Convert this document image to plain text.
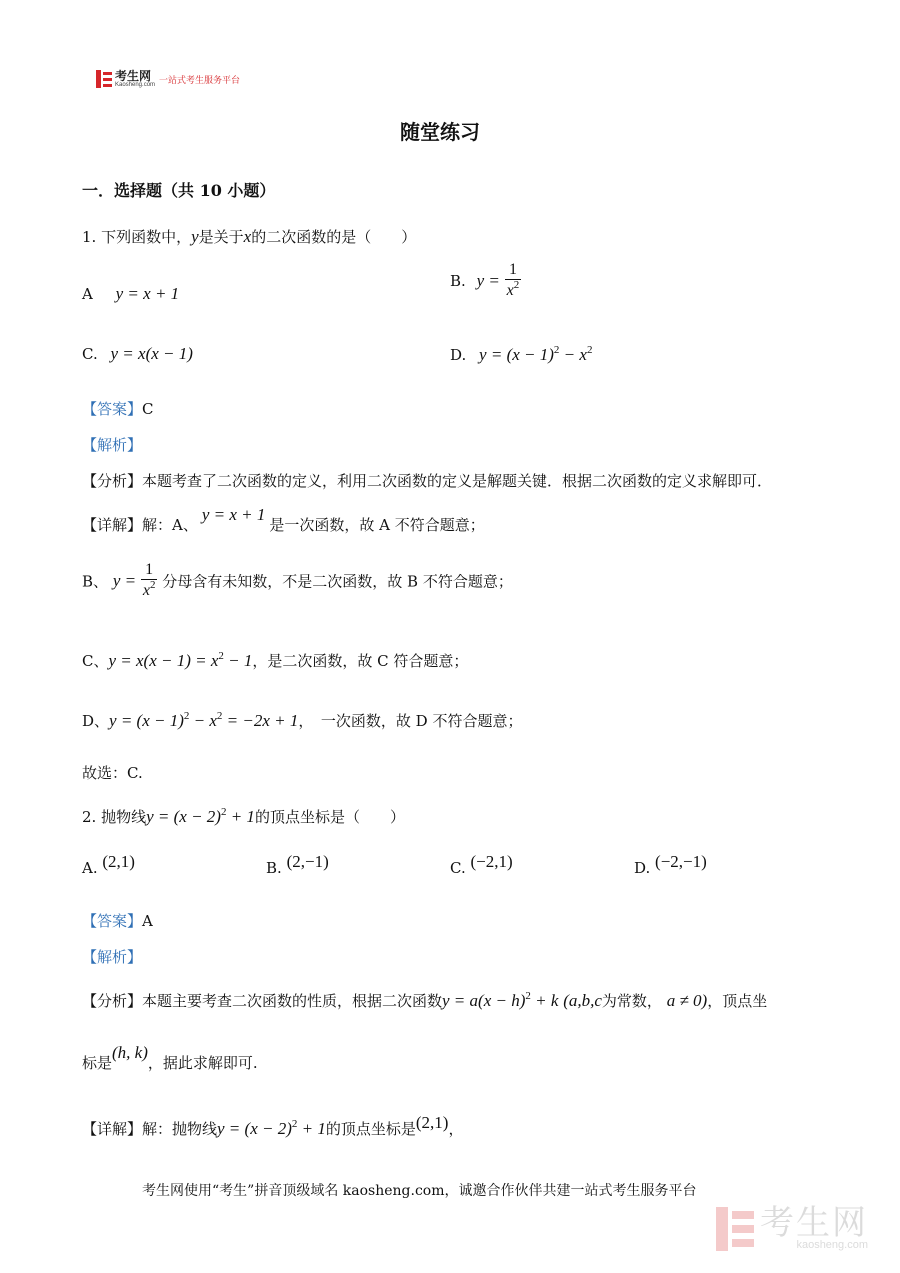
考生网
Kaosheng.com
一站式考生服务平台
随堂练习
一．选择题（共 10 小题）
1. 下列函数中，y是关于x的二次函数的是（　　）
A y = x + 1
B. $y = \frac{1}{x^2}$
C. y = x(x − 1)	D. $y = (x - 1)^2 - x^2$
【答案】C
【解析】
【分析】本题考查了二次函数的定义，利用二次函数的定义是解题关键．根据二次函数的定义求解即可．
【详解】解：A、y = x + 1是一次函数，故 A 不符合题意；
B、 $y = \frac{1}{x^2}$ 分母含有未知数，不是二次函数，故 B 不符合题意；
C、$y = x(x - 1) = x^2 - 1$，是二次函数，故 C 符合题意；
D、$y = (x - 1)^2 - x^2 = -2x + 1$，　一次函数，故 D 不符合题意；
故选：C.
2. 抛物线$y = (x - 2)^2 + 1$的顶点坐标是（　　）
A. (2,1)	B. (2,−1)	C. (−2,1)	D. (−2,−1)
【答案】A
【解析】
【分析】本题主要考查二次函数的性质，根据二次函数$y = a(x - h)^2 + k$ (a,b,c为常数， a ≠ 0)，顶点坐
标是(h, k)，据此求解即可.
【详解】解：抛物线$y = (x - 2)^2 + 1$的顶点坐标是(2,1)，
考生网使用“考生”拼音顶级域名 kaosheng.com，诚邀合作伙伴共建一站式考生服务平台
考生网
kaosheng.com
